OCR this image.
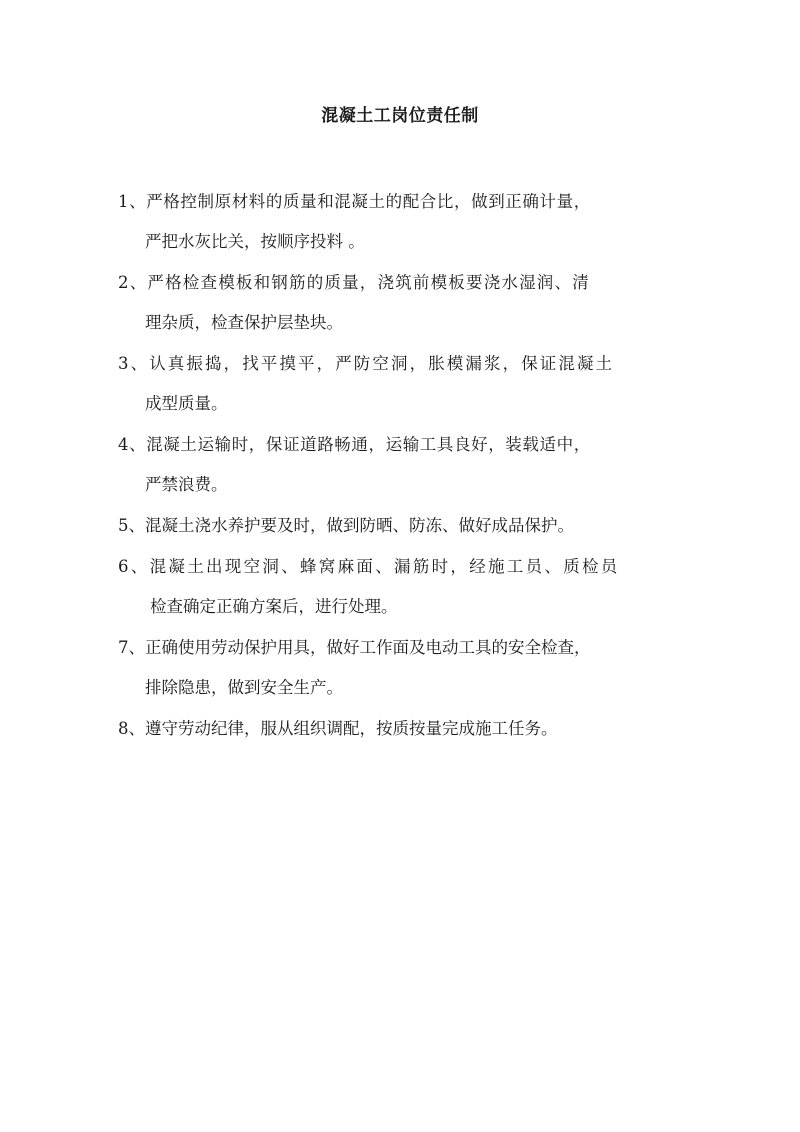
混凝土工岗位责任制
1、严格控制原材料的质量和混凝土的配合比，做到正确计量，
严把水灰比关，按顺序投料 。
2、严格检查模板和钢筋的质量，浇筑前模板要浇水湿润、清
理杂质，检查保护层垫块。
3、认真振捣，找平摸平，严防空洞，胀模漏浆，保证混凝土
成型质量。
4、混凝土运输时，保证道路畅通，运输工具良好，装载适中，
严禁浪费。
5、混凝土浇水养护要及时，做到防晒、防冻、做好成品保护。
6、混凝土出现空洞、蜂窝麻面、漏筋时，经施工员、质检员
检查确定正确方案后，进行处理。
7、正确使用劳动保护用具，做好工作面及电动工具的安全检查，
排除隐患，做到安全生产。
8、遵守劳动纪律，服从组织调配，按质按量完成施工任务。
